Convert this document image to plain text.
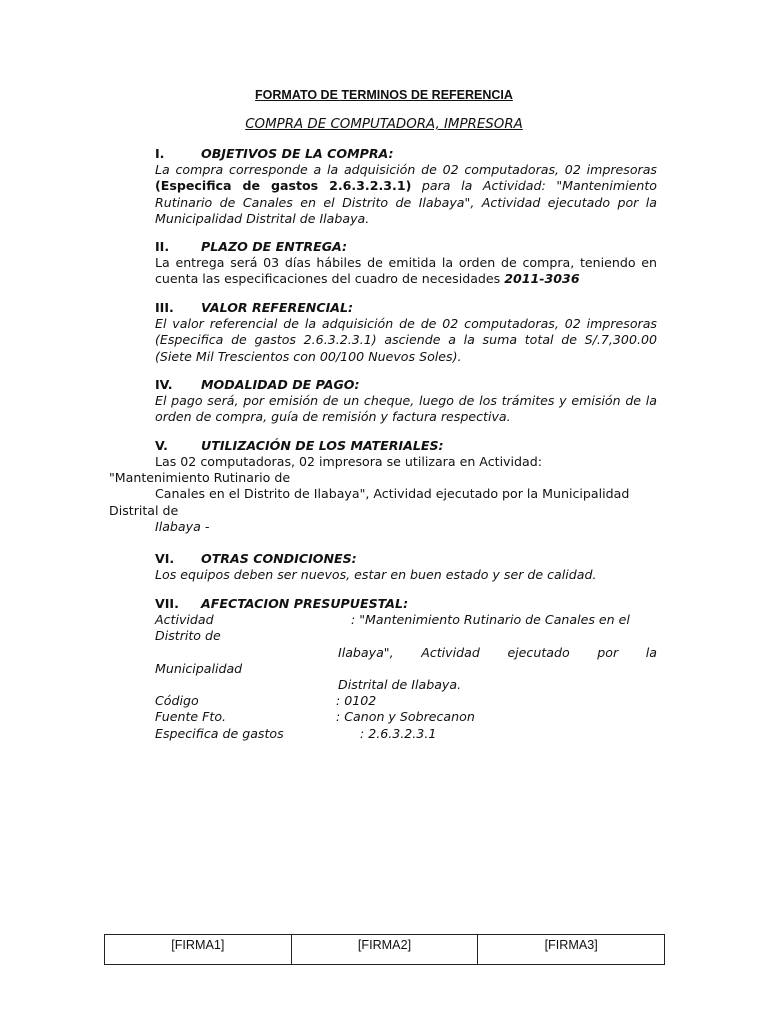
FORMATO DE TERMINOS DE REFERENCIA
COMPRA DE COMPUTADORA, IMPRESORA
I.	OBJETIVOS DE LA COMPRA:
La compra corresponde a la adquisición de 02 computadoras, 02 impresoras (Especifica de gastos 2.6.3.2.3.1) para la Actividad: "Mantenimiento Rutinario de Canales en el Distrito de Ilabaya", Actividad ejecutado por la Municipalidad Distrital de Ilabaya.
II.	PLAZO DE ENTREGA:
La entrega será 03 días hábiles de emitida la orden de compra, teniendo en cuenta las especificaciones del cuadro de necesidades 2011-3036
III. VALOR REFERENCIAL:
El valor referencial de la adquisición de de 02 computadoras, 02 impresoras (Especifica de gastos 2.6.3.2.3.1) asciende a la suma total de S/.7,300.00 (Siete Mil Trescientos con 00/100 Nuevos Soles).
IV. MODALIDAD DE PAGO:
El pago será, por emisión de un cheque, luego de los trámites y emisión de la orden de compra, guía de remisión y factura respectiva.
V.	UTILIZACIÓN DE LOS MATERIALES:
Las 02 computadoras, 02 impresora se utilizara en Actividad:
"Mantenimiento Rutinario de
Canales en el Distrito de Ilabaya", Actividad ejecutado por la Municipalidad
Distrital de
Ilabaya -
VI. OTRAS CONDICIONES:
Los equipos deben ser nuevos, estar en buen estado y ser de calidad.
VII. AFECTACION PRESUPUESTAL:
Actividad	: "Mantenimiento Rutinario de Canales en el
Distrito de
Ilabaya", Actividad ejecutado por la
Municipalidad
Distrital de Ilabaya.
Código	: 0102
Fuente Fto.	: Canon y Sobrecanon
Especifica de gastos	: 2.6.3.2.3.1
[FIRMA1]	[FIRMA2]	[FIRMA3]
